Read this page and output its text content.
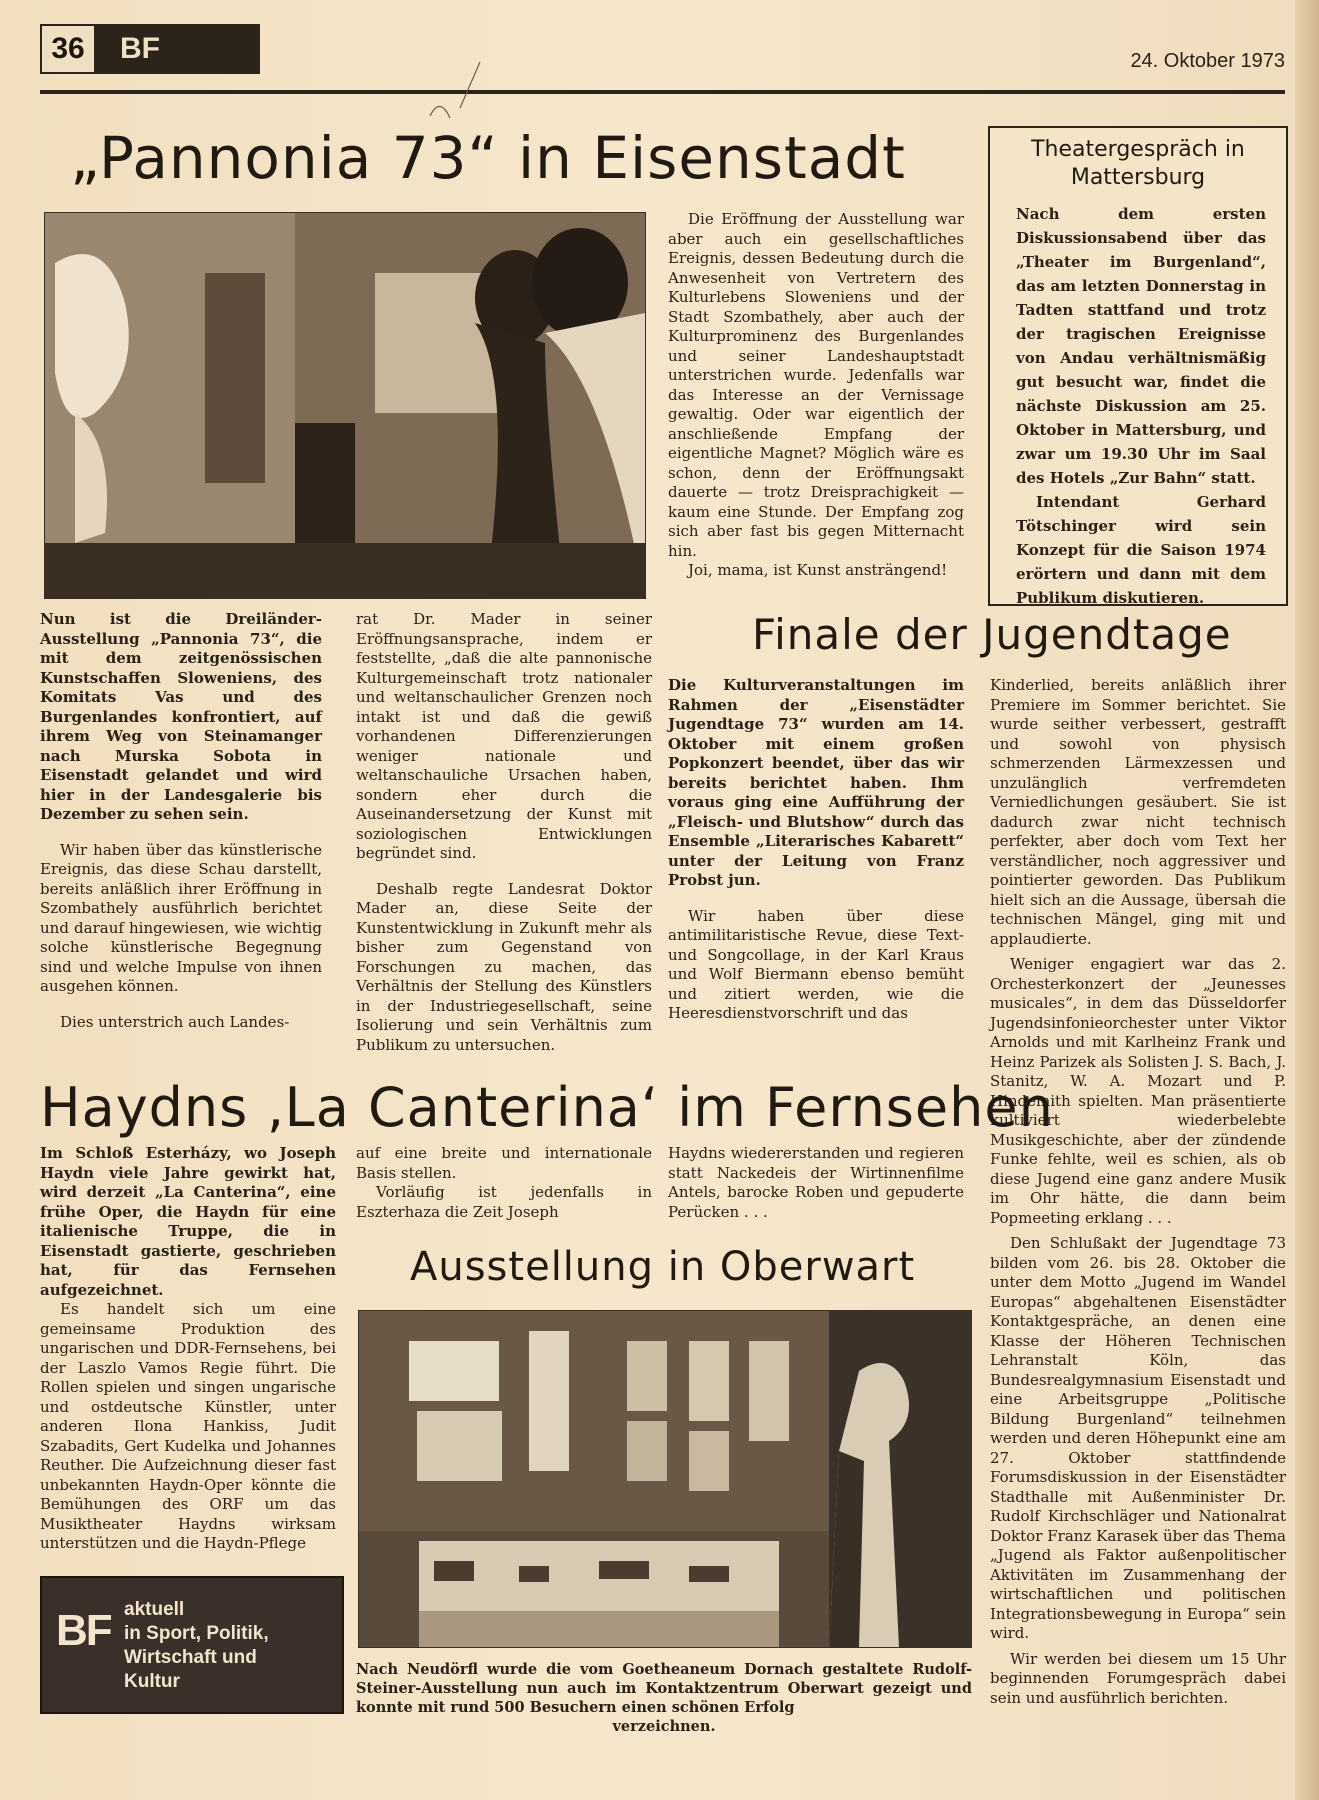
36	BF	24. Oktober 1973
„Pannonia 73“ in Eisenstadt

Nun ist die Dreiländer-Ausstellung „Pannonia 73“, die mit dem zeitgenössischen Kunstschaffen Sloweniens, des Komitats Vas und des Burgenlandes konfrontiert, auf ihrem Weg von Steinamanger nach Murska Sobota in Eisenstadt gelandet und wird hier in der Landesgalerie bis Dezember zu sehen sein.

Wir haben über das künstlerische Ereignis, das diese Schau darstellt, bereits anläßlich ihrer Eröffnung in Szombathely ausführlich berichtet und darauf hingewiesen, wie wichtig solche künstlerische Begegnung sind und welche Impulse von ihnen ausgehen können.

Dies unterstrich auch Landes-

rat Dr. Mader in seiner Eröffnungsansprache, indem er feststellte, „daß die alte pannonische Kulturgemeinschaft trotz nationaler und weltanschaulicher Grenzen noch intakt ist und daß die gewiß vorhandenen Differenzierungen weniger nationale und weltanschauliche Ursachen haben, sondern eher durch die Auseinandersetzung der Kunst mit soziologischen Entwicklungen begründet sind.

Deshalb regte Landesrat Doktor Mader an, diese Seite der Kunstentwicklung in Zukunft mehr als bisher zum Gegenstand von Forschungen zu machen, das Verhältnis der Stellung des Künstlers in der Industriegesellschaft, seine Isolierung und sein Verhältnis zum Publikum zu untersuchen.

Die Eröffnung der Ausstellung war aber auch ein gesellschaftliches Ereignis, dessen Bedeutung durch die Anwesenheit von Vertretern des Kulturlebens Sloweniens und der Stadt Szombathely, aber auch der Kulturprominenz des Burgenlandes und seiner Landeshauptstadt unterstrichen wurde. Jedenfalls war das Interesse an der Vernissage gewaltig. Oder war eigentlich der anschließende Empfang der eigentliche Magnet? Möglich wäre es schon, denn der Eröffnungsakt dauerte — trotz Dreisprachigkeit — kaum eine Stunde. Der Empfang zog sich aber fast bis gegen Mitternacht hin.

Joi, mama, ist Kunst ansträngend!

Theatergespräch in
Mattersburg

Nach dem ersten Diskussionsabend über das „Theater im Burgenland“, das am letzten Donnerstag in Tadten stattfand und trotz der tragischen Ereignisse von Andau verhältnismäßig gut besucht war, findet die nächste Diskussion am 25. Oktober in Mattersburg, und zwar um 19.30 Uhr im Saal des Hotels „Zur Bahn“ statt.

Intendant Gerhard Tötschinger wird sein Konzept für die Saison 1974 erörtern und dann mit dem Publikum diskutieren.

Finale der Jugendtage

Die Kulturveranstaltungen im Rahmen der „Eisenstädter Jugendtage 73“ wurden am 14. Oktober mit einem großen Popkonzert beendet, über das wir bereits berichtet haben. Ihm voraus ging eine Aufführung der „Fleisch- und Blutshow“ durch das Ensemble „Literarisches Kabarett“ unter der Leitung von Franz Probst jun.

Wir haben über diese antimilitaristische Revue, diese Text- und Songcollage, in der Karl Kraus und Wolf Biermann ebenso bemüht und zitiert werden, wie die Heeresdienstvorschrift und das

Kinderlied, bereits anläßlich ihrer Premiere im Sommer berichtet. Sie wurde seither verbessert, gestrafft und sowohl von physisch schmerzenden Lärmexzessen und unzulänglich verfremdeten Verniedlichungen gesäubert. Sie ist dadurch zwar nicht technisch perfekter, aber doch vom Text her verständlicher, noch aggressiver und pointierter geworden. Das Publikum hielt sich an die Aussage, übersah die technischen Mängel, ging mit und applaudierte.

Weniger engagiert war das 2. Orchesterkonzert der „Jeunesses musicales“, in dem das Düsseldorfer Jugendsinfonieorchester unter Viktor Arnolds und mit Karlheinz Frank und Heinz Parizek als Solisten J. S. Bach, J. Stanitz, W. A. Mozart und P. Hindemith spielten. Man präsentierte kultiviert wiederbelebte Musikgeschichte, aber der zündende Funke fehlte, weil es schien, als ob diese Jugend eine ganz andere Musik im Ohr hätte, die dann beim Popmeeting erklang . . .

Den Schlußakt der Jugendtage 73 bilden vom 26. bis 28. Oktober die unter dem Motto „Jugend im Wandel Europas“ abgehaltenen Eisenstädter Kontaktgespräche, an denen eine Klasse der Höheren Technischen Lehranstalt Köln, das Bundesrealgymnasium Eisenstadt und eine Arbeitsgruppe „Politische Bildung Burgenland“ teilnehmen werden und deren Höhepunkt eine am 27. Oktober stattfindende Forumsdiskussion in der Eisenstädter Stadthalle mit Außenminister Dr. Rudolf Kirchschläger und Nationalrat Doktor Franz Karasek über das Thema „Jugend als Faktor außenpolitischer Aktivitäten im Zusammenhang der wirtschaftlichen und politischen Integrationsbewegung in Europa“ sein wird.

Wir werden bei diesem um 15 Uhr beginnenden Forumgespräch dabei sein und ausführlich berichten.

Haydns ‚La Canterina‘ im Fernsehen

Im Schloß Esterházy, wo Joseph Haydn viele Jahre gewirkt hat, wird derzeit „La Canterina“, eine frühe Oper, die Haydn für eine italienische Truppe, die in Eisenstadt gastierte, geschrieben hat, für das Fernsehen aufgezeichnet.

Es handelt sich um eine gemeinsame Produktion des ungarischen und DDR-Fernsehens, bei der Laszlo Vamos Regie führt. Die Rollen spielen und singen ungarische und ostdeutsche Künstler, unter anderen Ilona Hankiss, Judit Szabadits, Gert Kudelka und Johannes Reuther. Die Aufzeichnung dieser fast unbekannten Haydn-Oper könnte die Bemühungen des ORF um das Musiktheater Haydns wirksam unterstützen und die Haydn-Pflege

auf eine breite und internationale Basis stellen.

Vorläufig ist jedenfalls in Eszterhaza die Zeit Joseph

Haydns wiedererstanden und regieren statt Nackedeis der Wirtinnenfilme Antels, barocke Roben und gepuderte Perücken . . .

BF aktuell
in Sport, Politik,
Wirtschaft und
Kultur
Ausstellung in Oberwart
Nach Neudörfl wurde die vom Goetheaneum Dornach gestaltete Rudolf-Steiner-Ausstellung nun auch im Kontaktzentrum Oberwart gezeigt und konnte mit rund 500 Besuchern einen schönen Erfolg
verzeichnen.
